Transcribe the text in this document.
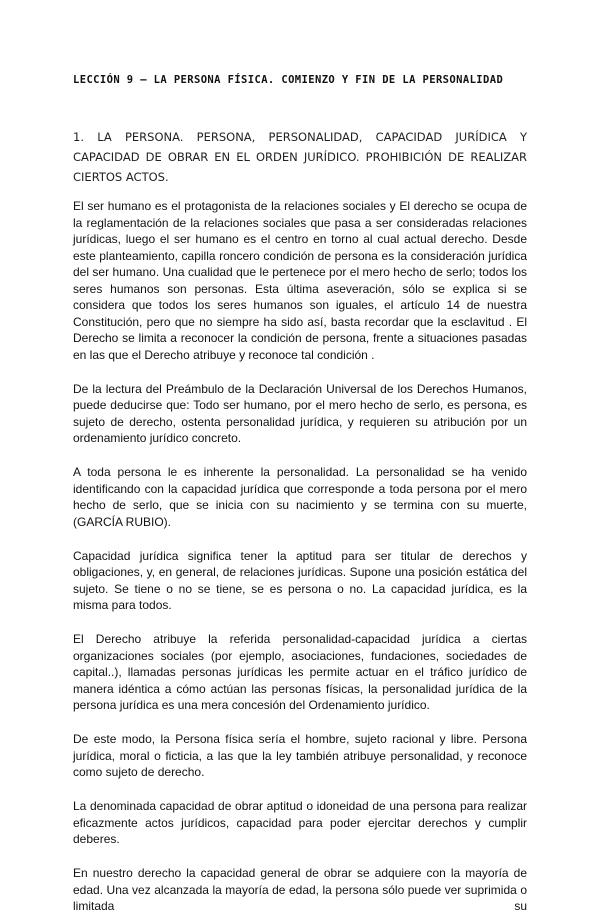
LECCIÓN 9 – LA PERSONA FÍSICA. COMIENZO Y FIN DE LA PERSONALIDAD
1. LA PERSONA. PERSONA, PERSONALIDAD, CAPACIDAD JURÍDICA Y CAPACIDAD DE OBRAR EN EL ORDEN JURÍDICO. PROHIBICIÓN DE REALIZAR CIERTOS ACTOS.

El ser humano es el protagonista de la relaciones sociales y El derecho se ocupa de la reglamentación de la relaciones sociales que pasa a ser consideradas relaciones jurídicas, luego el ser humano es el centro en torno al cual actual derecho. Desde este planteamiento, capilla roncero condición de persona es la consideración jurídica del ser humano. Una cualidad que le pertenece por el mero hecho de serlo; todos los seres humanos son personas. Esta última aseveración, sólo se explica si se considera que todos los seres humanos son iguales, el artículo 14 de nuestra Constitución, pero que no siempre ha sido así, basta recordar que la esclavitud . El Derecho se limita a reconocer la condición de persona, frente a situaciones pasadas en las que el Derecho atribuye y reconoce tal condición .

De la lectura del Preámbulo de la Declaración Universal de los Derechos Humanos, puede deducirse que: Todo ser humano, por el mero hecho de serlo, es persona, es sujeto de derecho, ostenta personalidad jurídica, y requieren su atribución por un ordenamiento jurídico concreto.

A toda persona le es inherente la personalidad. La personalidad se ha venido identificando con la capacidad jurídica que corresponde a toda persona por el mero hecho de serlo, que se inicia con su nacimiento y se termina con su muerte, (GARCÍA RUBIO).

Capacidad jurídica significa tener la aptitud para ser titular de derechos y obligaciones, y, en general, de relaciones jurídicas. Supone una posición estática del sujeto. Se tiene o no se tiene, se es persona o no. La capacidad jurídica, es la misma para todos.

El Derecho atribuye la referida personalidad-capacidad jurídica a ciertas organizaciones sociales (por ejemplo, asociaciones, fundaciones, sociedades de capital..), llamadas personas jurídicas les permite actuar en el tráfico jurídico de manera idéntica a cómo actúan las personas físicas, la personalidad jurídica de la persona jurídica es una mera concesión del Ordenamiento jurídico.

De este modo, la Persona física sería el hombre, sujeto racional y libre. Persona jurídica, moral o ficticia, a las que la ley también atribuye personalidad, y reconoce como sujeto de derecho.

La denominada capacidad de obrar aptitud o idoneidad de una persona para realizar eficazmente actos jurídicos, capacidad para poder ejercitar derechos y cumplir deberes.

En nuestro derecho la capacidad general de obrar se adquiere con la mayoría de edad. Una vez alcanzada la mayoría de edad, la persona sólo puede ver suprimida o limitada su
